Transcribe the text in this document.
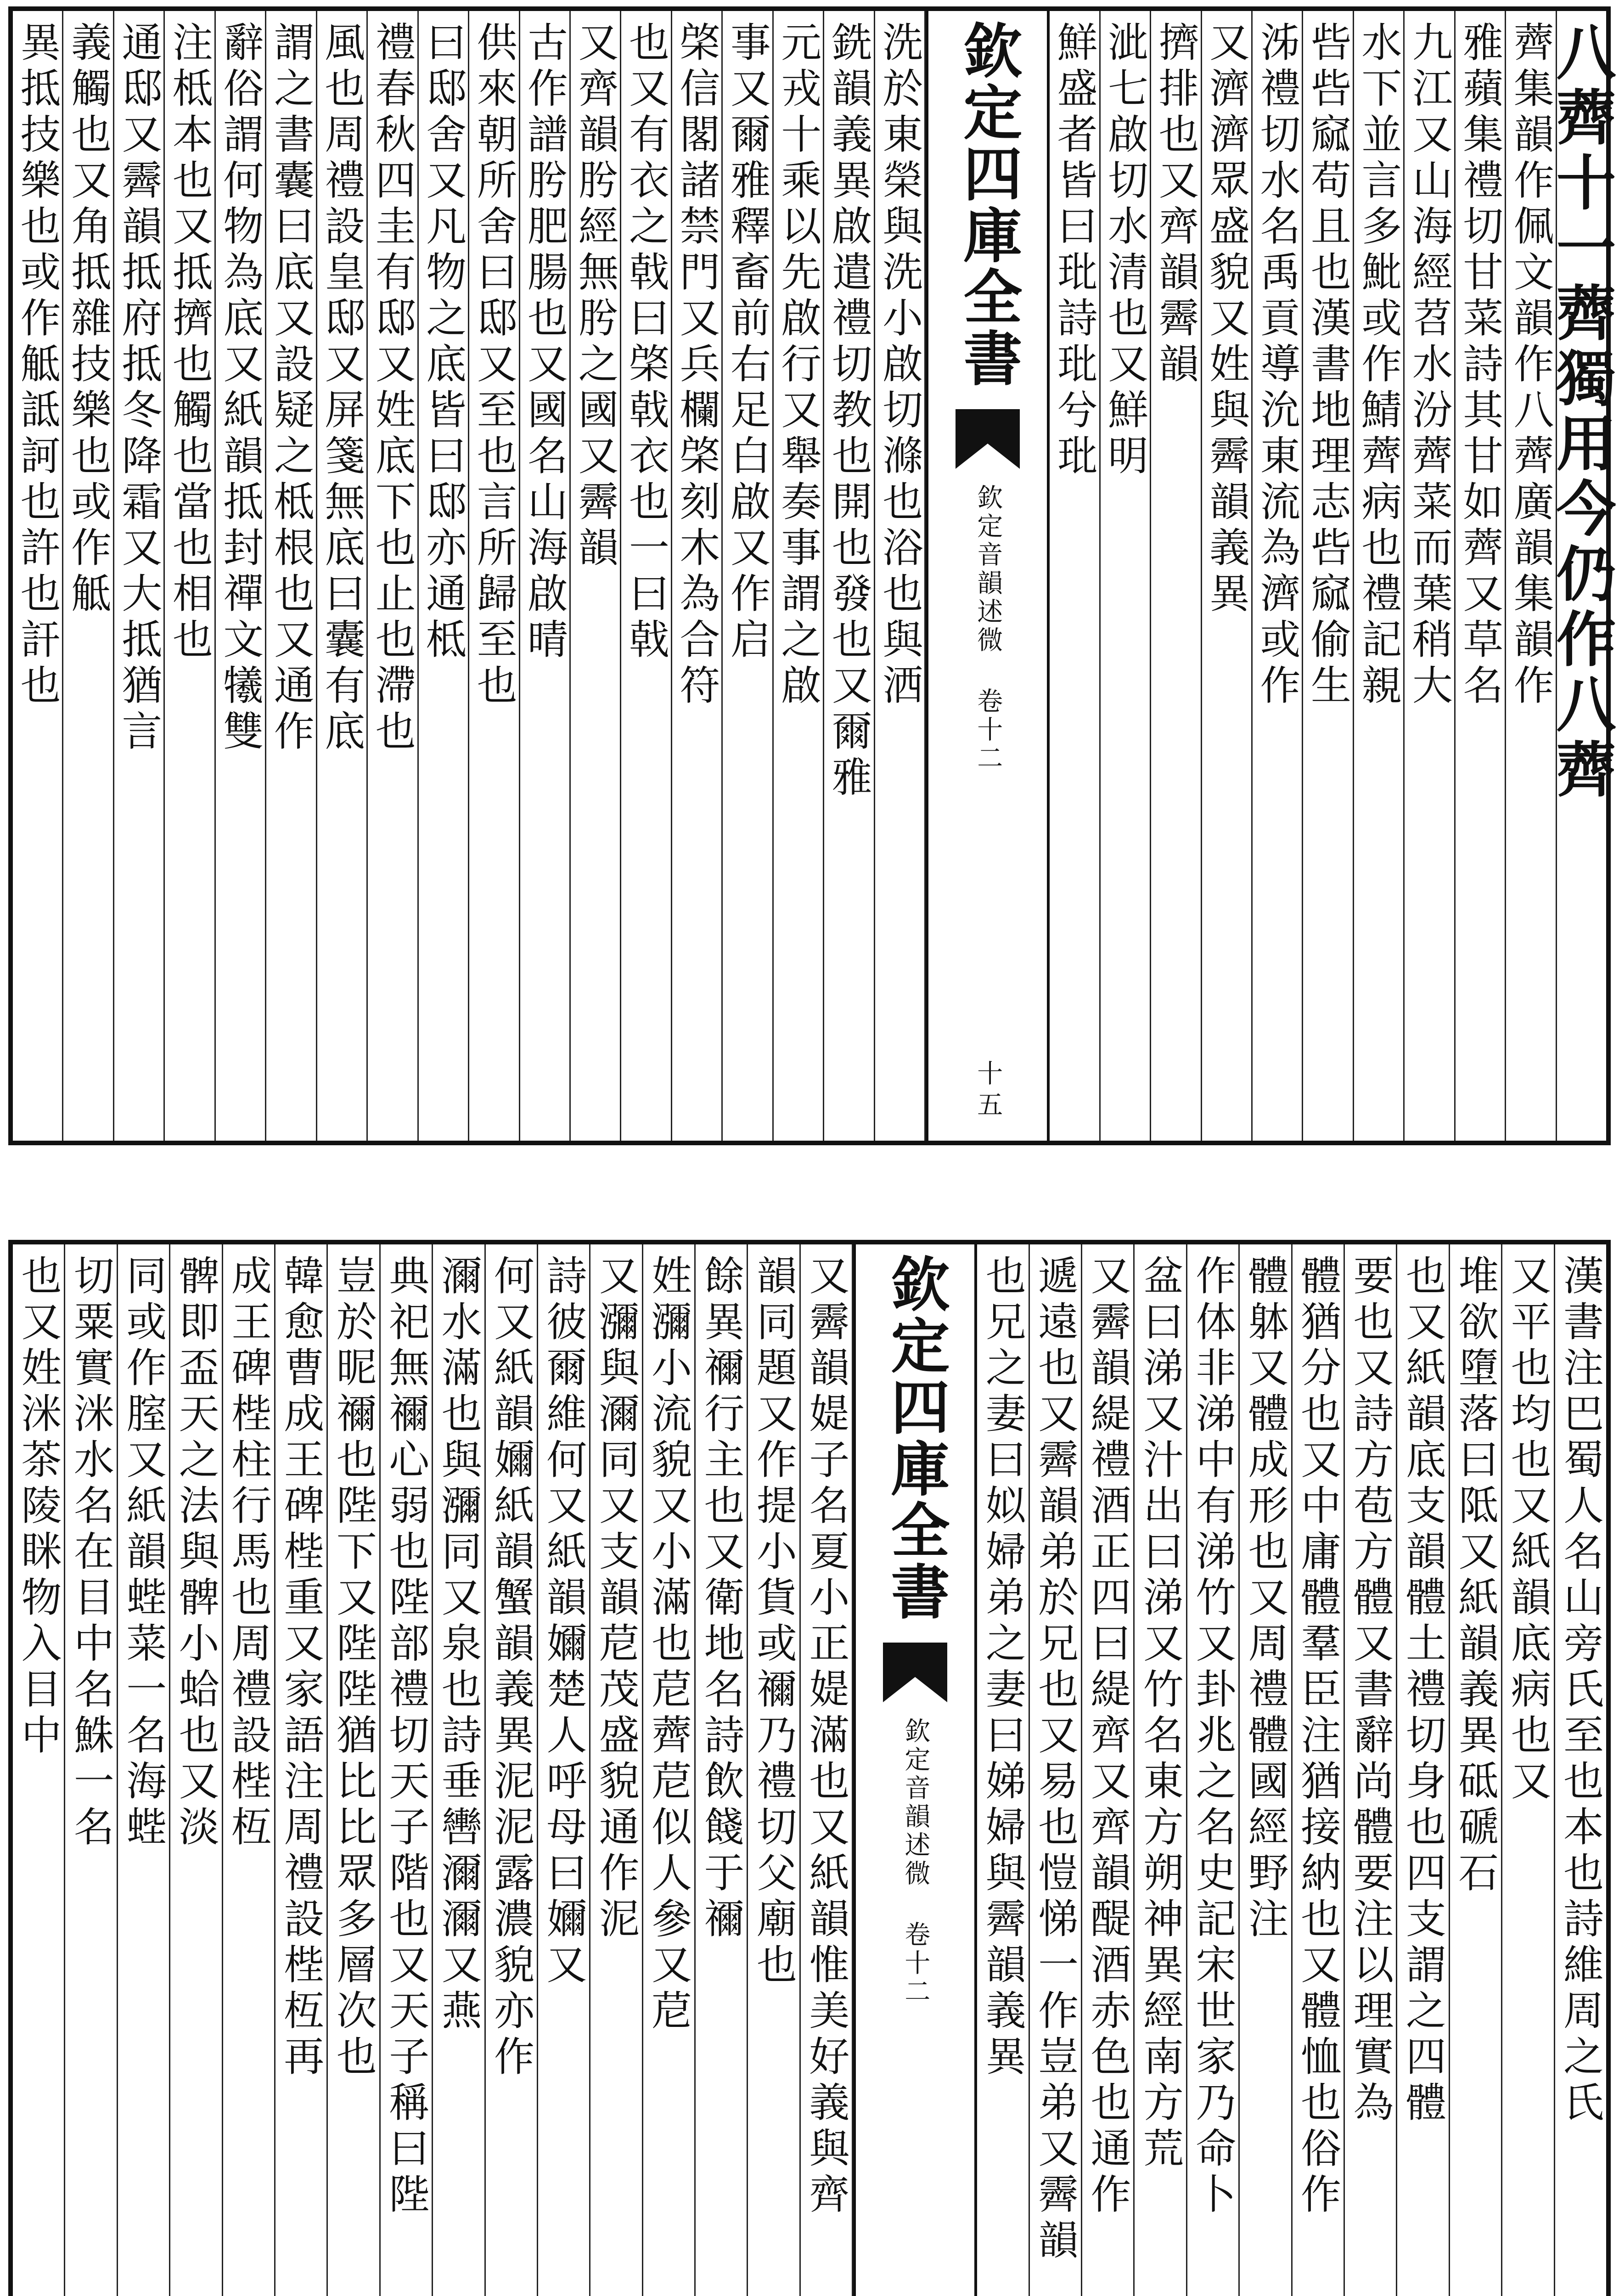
異抵技樂也或作觝詆訶也許也訐也 義觸也又角抵雜技樂也或作觝 通邸又霽韻抵府抵冬降霜又大抵猶言 注柢本也又抵擠也觸也當也相也 辭俗謂何物為底又紙韻抵封禪文犧雙 謂之書囊曰底又設疑之柢根也又通作 風也周禮設皇邸又屏箋無底曰囊有底 禮春秋四圭有邸又姓底下也止也滯也 曰邸舍又凡物之底皆曰邸亦通柢 供來朝所舍曰邸又至也言所歸至也 古作譜肹肥腸也又國名山海啟晴 又齊韻肹經無肹之國又霽韻 也又有衣之戟曰棨戟衣也一曰戟 棨信閣諸禁門又兵欄棨刻木為合符 事又爾雅釋畜前右足白啟又作启 元戎十乘以先啟行又舉奏事謂之啟 銑韻義異啟遣禮切教也開也發也又爾雅 洗於東榮與洗小啟切滌也浴也與洒 欽定四庫全書
欽定音韻述微 卷十二
十五
鮮盛者皆曰玭詩玭兮玭 泚七啟切水清也又鮮明 擠排也又齊韻霽韻 又濟濟眾盛貌又姓與霽韻義異 泲禮切水名禹貢導沇東流為濟或作 呰呰窳苟且也漢書地理志呰窳偷生 水下並言多魮或作鯖薺病也禮記親 九江又山海經苕水汾薺菜而葉稍大 雅蘋集禮切甘菜詩其甘如薺又草名 薺集韻作佩文韻作八薺廣韻集韻作
八薺十一薺獨用今仍作八薺
也又姓洣茶陵眯物入目中 切粟實洣水名在目中名鮢一名 同或作腟又紙韻蜌菜一名海蜌 髀即盃天之法與髀小蛤也又淡 成王碑梐柱行馬也周禮設梐枑 韓愈曹成王碑梐重又家語注周禮設梐枑再 豈於昵禰也陛下又陛陛猶比比眾多層次也 典祀無禰心弱也陛部禮切天子階也又天子稱曰陛 濔水滿也與瀰同又泉也詩垂轡濔濔又燕 何又紙韻嬭紙韻蟹韻義異泥泥露濃貌亦作 詩彼爾維何又紙韻嬭楚人呼母曰嬭又 又瀰與濔同又支韻苨茂盛貌通作泥 姓瀰小流貌又小滿也苨薺苨似人參又苨 餘異禰行主也又衛地名詩飲餞于禰 韻同題又作提小貨或禰乃禮切父廟也 又霽韻媞子名夏小正媞滿也又紙韻惟美好義與齊 欽定四庫全書
欽定音韻述微 卷十二 也兄之妻曰姒婦弟之妻曰娣婦與霽韻義異 遞遠也又霽韻弟於兄也又易也愷悌一作豈弟又霽韻 又霽韻緹禮酒正四曰緹齊又齊韻醍酒赤色也通作 盆曰涕又汁出曰涕又竹名東方朔神異經南方荒 作体非涕中有涕竹又卦兆之名史記宋世家乃命卜 體躰又體成形也又周禮體國經野注 體猶分也又中庸體羣臣注猶接納也又體恤也俗作 要也又詩方苞方體又書辭尚體要注以理實為 也又紙韻底支韻體土禮切身也四支謂之四體 堆欲墮落曰阺又紙韻義異砥磃石 又平也均也又紙韻底病也又 漢書注巴蜀人名山旁氏至也本也詩維周之氏
